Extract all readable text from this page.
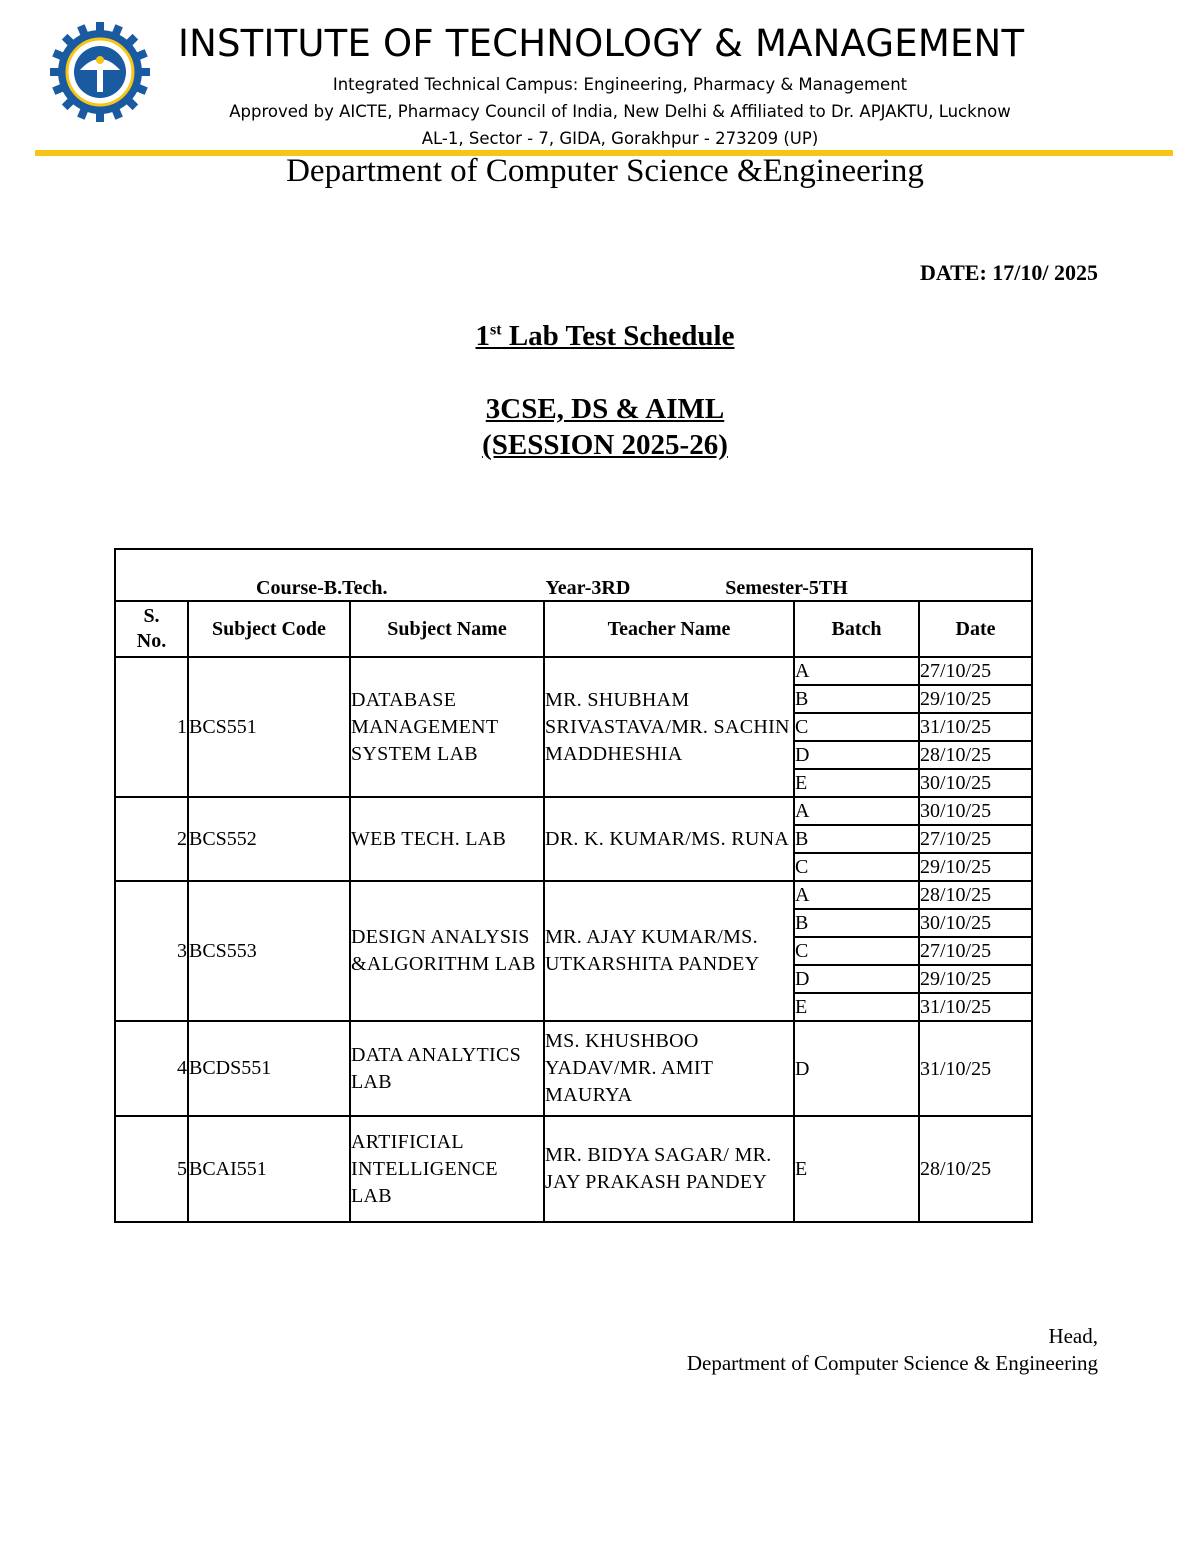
INSTITUTE OF TECHNOLOGY & MANAGEMENT
Integrated Technical Campus: Engineering, Pharmacy & Management
Approved by AICTE, Pharmacy Council of India, New Delhi & Affiliated to Dr. APJAKTU, Lucknow
AL-1, Sector - 7, GIDA, Gorakhpur - 273209 (UP)
Department of Computer Science &Engineering
DATE: 17/10/ 2025
1st Lab Test Schedule
3CSE, DS & AIML
(SESSION 2025-26)
Course-B.Tech. Year-3RD Semester-5TH					
S.
No.	Subject Code	Subject Name	Teacher Name	Batch	Date
1	BCS551	DATABASE MANAGEMENT SYSTEM LAB	MR. SHUBHAM SRIVASTAVA/MR. SACHIN MADDHESHIA	A	27/10/25
				B	29/10/25
				C	31/10/25
				D	28/10/25
				E	30/10/25
2	BCS552	WEB TECH. LAB	DR. K. KUMAR/MS. RUNA	A	30/10/25
				B	27/10/25
				C	29/10/25
3	BCS553	DESIGN ANALYSIS &ALGORITHM LAB	MR. AJAY KUMAR/MS. UTKARSHITA PANDEY	A	28/10/25
				B	30/10/25
				C	27/10/25
				D	29/10/25
				E	31/10/25
4	BCDS551	DATA ANALYTICS LAB	MS. KHUSHBOO YADAV/MR. AMIT MAURYA	D	31/10/25
5	BCAI551	ARTIFICIAL INTELLIGENCE LAB	MR. BIDYA SAGAR/ MR. JAY PRAKASH PANDEY	E	28/10/25
Head,
Department of Computer Science & Engineering
